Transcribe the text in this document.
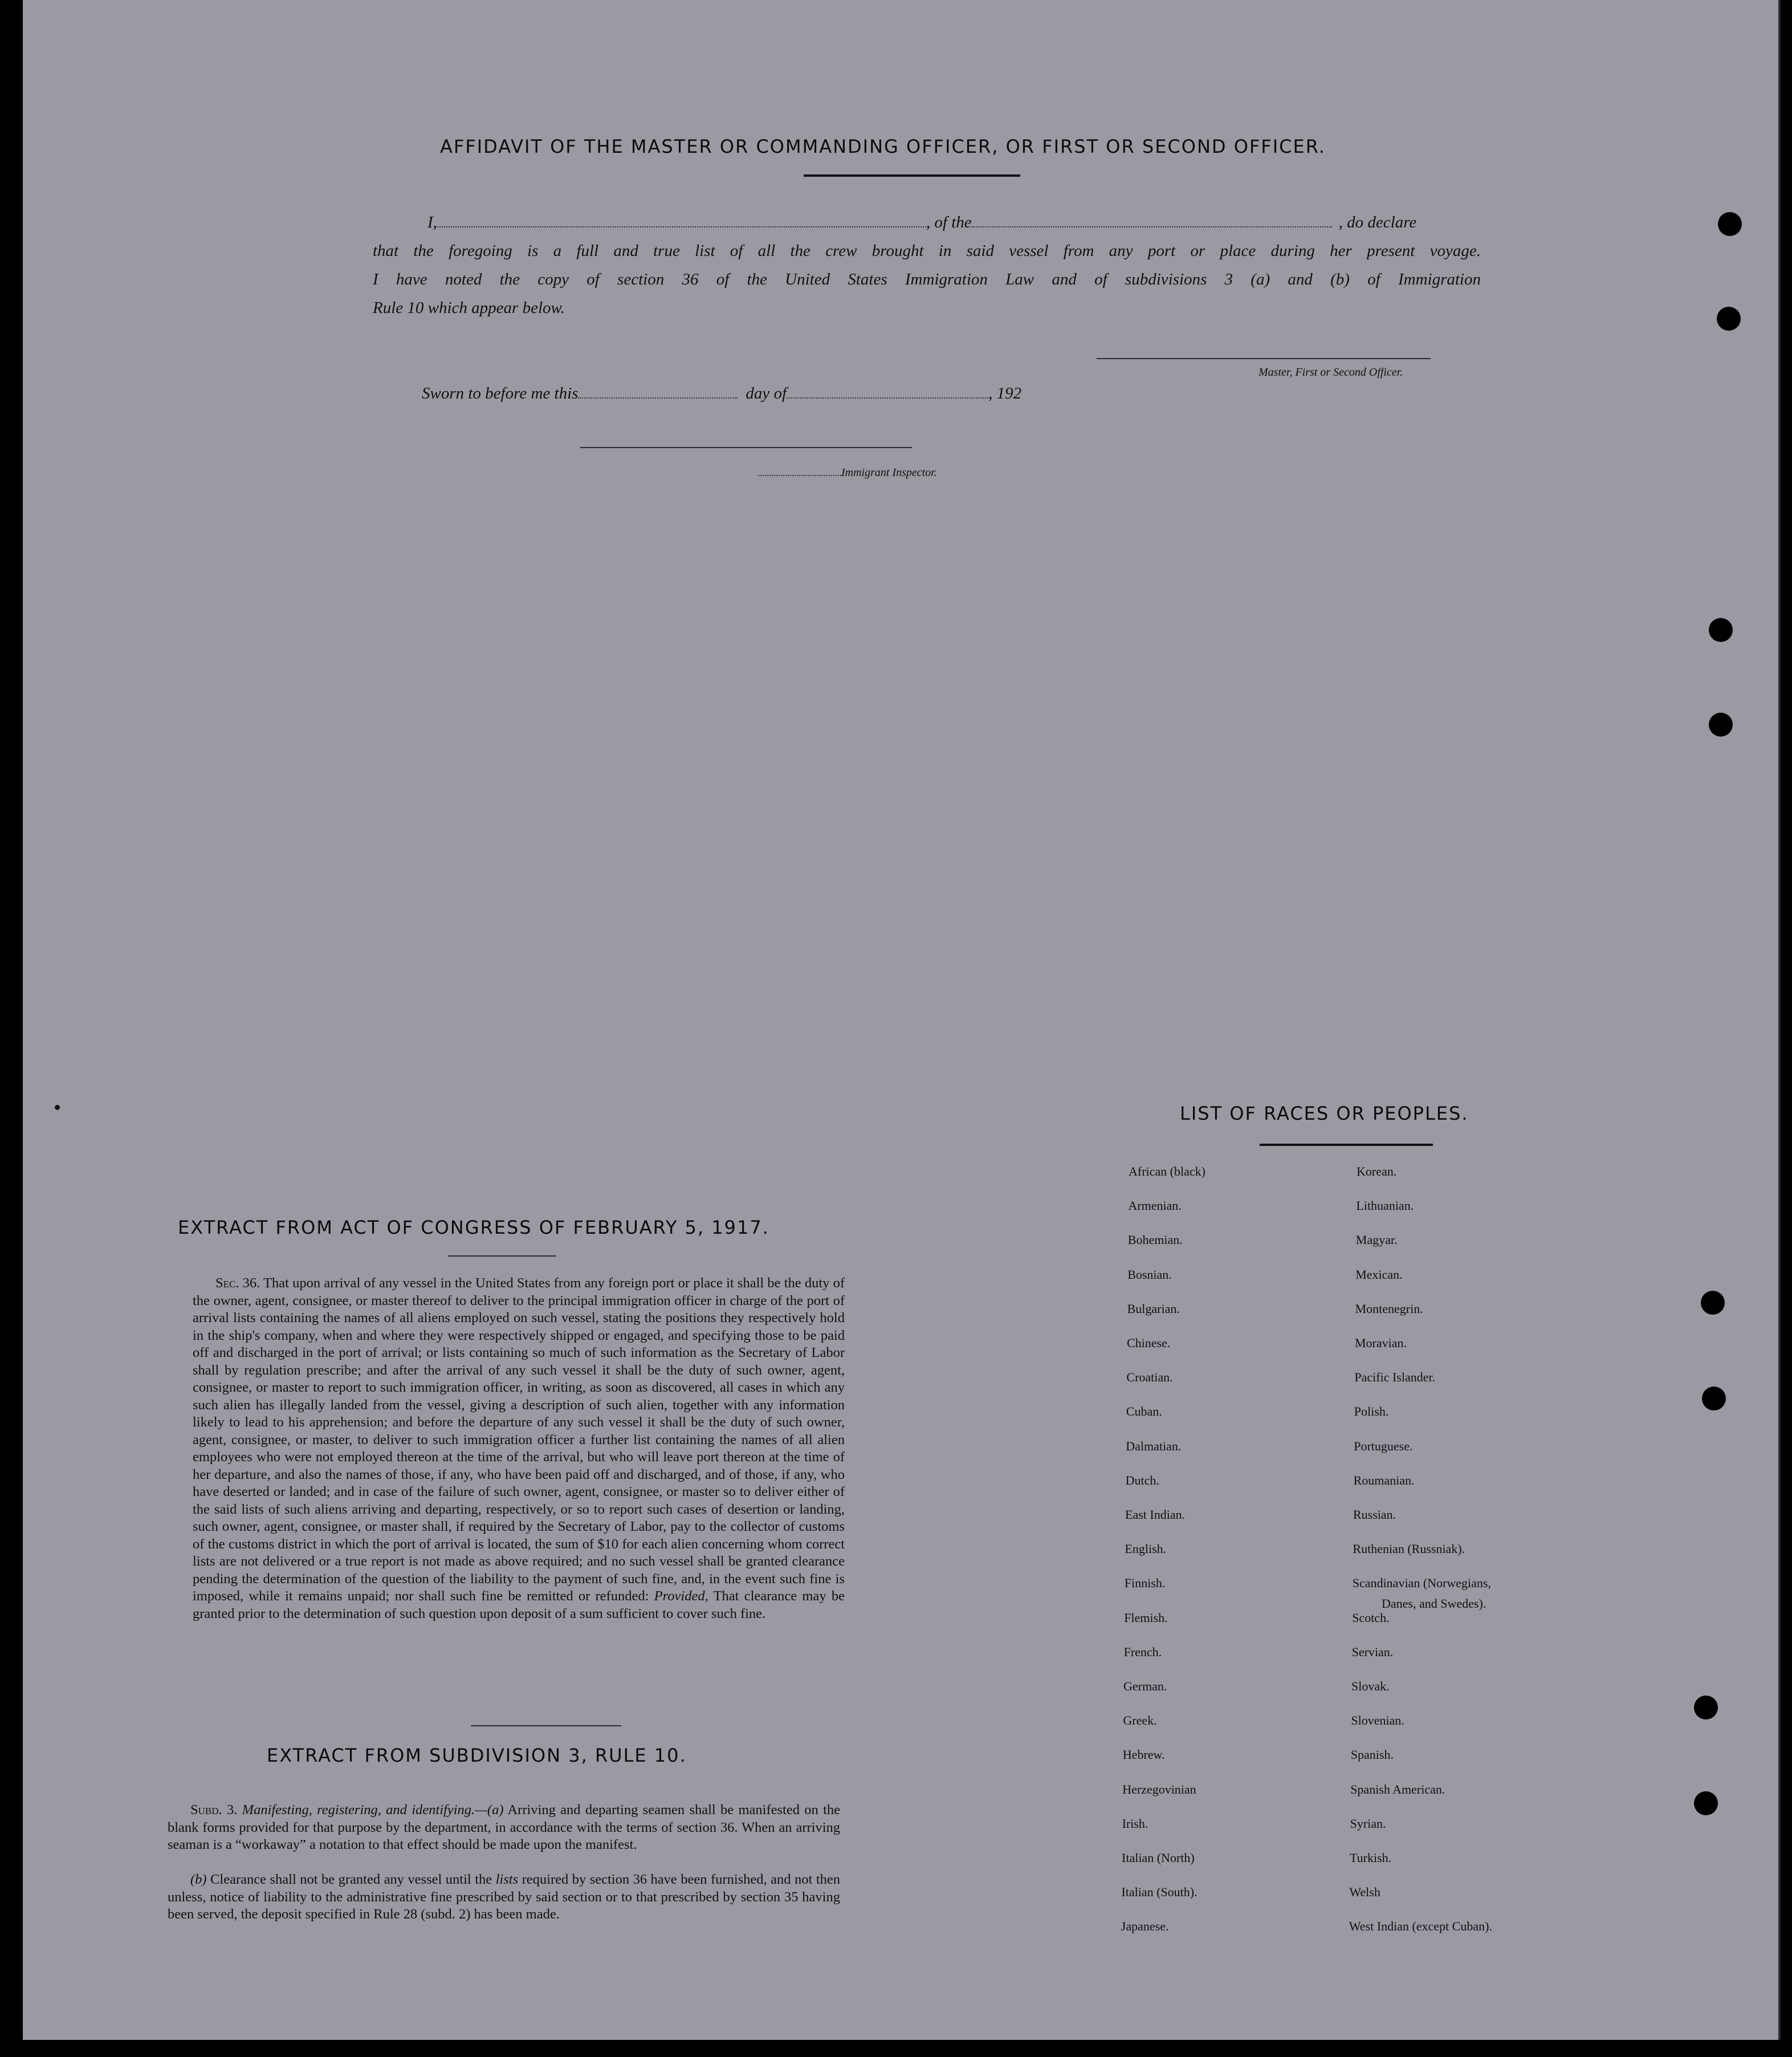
AFFIDAVIT OF THE MASTER OR COMMANDING OFFICER, OR FIRST OR SECOND OFFICER.
I,	, of the	, do declare
that the foregoing is a full and true list of all the crew brought in said vessel from any port or place during her present voyage.
I have noted the copy of section 36 of the United States Immigration Law and of subdivisions 3 (a) and (b) of Immigration
Rule 10 which appear below.
Master, First or Second Officer.
Sworn to before me this	day of	, 192
Immigrant Inspector.
EXTRACT FROM ACT OF CONGRESS OF FEBRUARY 5, 1917.
Sec. 36. That upon arrival of any vessel in the United States from any foreign port or place it shall be the duty of the owner, agent, consignee, or master thereof to deliver to the principal immigration officer in charge of the port of arrival lists containing the names of all aliens employed on such vessel, stating the positions they respectively hold in the ship's company, when and where they were respectively shipped or engaged, and specifying those to be paid off and discharged in the port of arrival; or lists containing so much of such information as the Secretary of Labor shall by regulation prescribe; and after the arrival of any such vessel it shall be the duty of such owner, agent, consignee, or master to report to such immigration officer, in writing, as soon as discovered, all cases in which any such alien has illegally landed from the vessel, giving a description of such alien, together with any information likely to lead to his apprehension; and before the departure of any such vessel it shall be the duty of such owner, agent, consignee, or master, to deliver to such immigration officer a further list containing the names of all alien employees who were not employed thereon at the time of the arrival, but who will leave port thereon at the time of her departure, and also the names of those, if any, who have been paid off and discharged, and of those, if any, who have deserted or landed; and in case of the failure of such owner, agent, consignee, or master so to deliver either of the said lists of such aliens arriving and departing, respectively, or so to report such cases of desertion or landing, such owner, agent, consignee, or master shall, if required by the Secretary of Labor, pay to the collector of customs of the customs district in which the port of arrival is located, the sum of $10 for each alien concerning whom correct lists are not delivered or a true report is not made as above required; and no such vessel shall be granted clearance pending the determination of the question of the liability to the payment of such fine, and, in the event such fine is imposed, while it remains unpaid; nor shall such fine be remitted or refunded: Provided, That clearance may be granted prior to the determination of such question upon deposit of a sum sufficient to cover such fine.
EXTRACT FROM SUBDIVISION 3, RULE 10.
Subd. 3. Manifesting, registering, and identifying.—(a) Arriving and departing seamen shall be manifested on the blank forms provided for that purpose by the department, in accordance with the terms of section 36. When an arriving seaman is a “workaway” a notation to that effect should be made upon the manifest.
(b) Clearance shall not be granted any vessel until the lists required by section 36 have been furnished, and not then unless, notice of liability to the administrative fine prescribed by said section or to that prescribed by section 35 having been served, the deposit specified in Rule 28 (subd. 2) has been made.
LIST OF RACES OR PEOPLES.
Danes, and Swedes).
African (black)
Armenian.
Bohemian.
Bosnian.
Bulgarian.
Chinese.
Croatian.
Cuban.
Dalmatian.
Dutch.
East Indian.
English.
Finnish.
Flemish.
French.
German.
Greek.
Hebrew.
Herzegovinian
Irish.
Italian (North)
Italian (South).
Japanese.
Korean.
Lithuanian.
Magyar.
Mexican.
Montenegrin.
Moravian.
Pacific Islander.
Polish.
Portuguese.
Roumanian.
Russian.
Ruthenian (Russniak).
Scandinavian (Norwegians,
Scotch.
Servian.
Slovak.
Slovenian.
Spanish.
Spanish American.
Syrian.
Turkish.
Welsh
West Indian (except Cuban).
